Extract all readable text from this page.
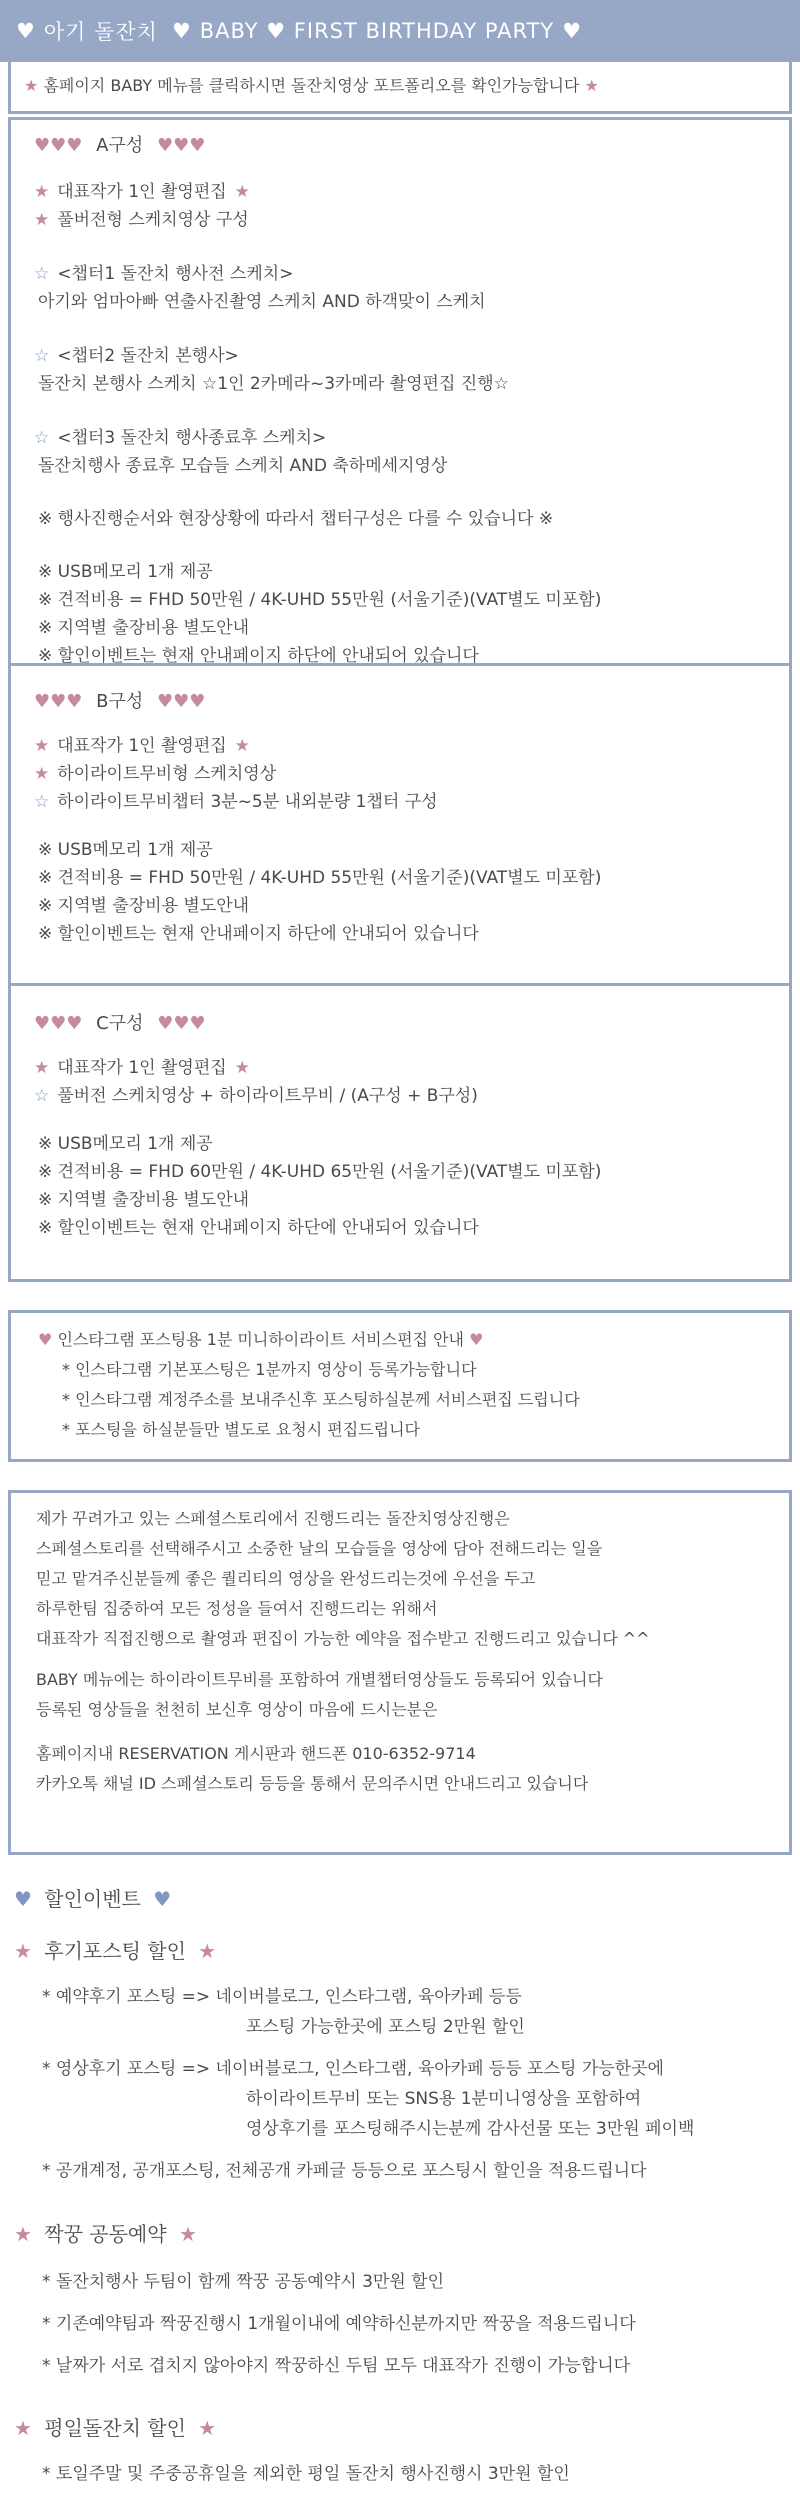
♥ 아기 돌잔치 ♥ BABY ♥ FIRST BIRTHDAY PARTY ♥
★ 홈페이지 BABY 메뉴를 클릭하시면 돌잔치영상 포트폴리오를 확인가능합니다 ★
♥♥♥ A구성 ♥♥♥
★ 대표작가 1인 촬영편집 ★
★ 풀버전형 스케치영상 구성
☆ <챕터1 돌잔치 행사전 스케치>
아기와 엄마아빠 연출사진촬영 스케치 AND 하객맞이 스케치
☆ <챕터2 돌잔치 본행사>
돌잔치 본행사 스케치 ☆1인 2카메라~3카메라 촬영편집 진행☆
☆ <챕터3 돌잔치 행사종료후 스케치>
돌잔치행사 종료후 모습들 스케치 AND 축하메세지영상
※ 행사진행순서와 현장상황에 따라서 챕터구성은 다를 수 있습니다 ※
※ USB메모리 1개 제공
※ 견적비용 = FHD 50만원 / 4K-UHD 55만원 (서울기준)(VAT별도 미포함)
※ 지역별 출장비용 별도안내
※ 할인이벤트는 현재 안내페이지 하단에 안내되어 있습니다
♥♥♥ B구성 ♥♥♥
★ 대표작가 1인 촬영편집 ★
★ 하이라이트무비형 스케치영상
☆ 하이라이트무비챕터 3분~5분 내외분량 1챕터 구성
※ USB메모리 1개 제공
※ 견적비용 = FHD 50만원 / 4K-UHD 55만원 (서울기준)(VAT별도 미포함)
※ 지역별 출장비용 별도안내
※ 할인이벤트는 현재 안내페이지 하단에 안내되어 있습니다
♥♥♥ C구성 ♥♥♥
★ 대표작가 1인 촬영편집 ★
☆ 풀버전 스케치영상 + 하이라이트무비 / (A구성 + B구성)
※ USB메모리 1개 제공
※ 견적비용 = FHD 60만원 / 4K-UHD 65만원 (서울기준)(VAT별도 미포함)
※ 지역별 출장비용 별도안내
※ 할인이벤트는 현재 안내페이지 하단에 안내되어 있습니다
♥ 인스타그램 포스팅용 1분 미니하이라이트 서비스편집 안내 ♥
* 인스타그램 기본포스팅은 1분까지 영상이 등록가능합니다
* 인스타그램 계정주소를 보내주신후 포스팅하실분께 서비스편집 드립니다
* 포스팅을 하실분들만 별도로 요청시 편집드립니다
제가 꾸려가고 있는 스페셜스토리에서 진행드리는 돌잔치영상진행은
스페셜스토리를 선택해주시고 소중한 날의 모습들을 영상에 담아 전해드리는 일을
믿고 맡겨주신분들께 좋은 퀄리티의 영상을 완성드리는것에 우선을 두고
하루한팀 집중하여 모든 정성을 들여서 진행드리는 위해서
대표작가 직접진행으로 촬영과 편집이 가능한 예약을 접수받고 진행드리고 있습니다 ^^
BABY 메뉴에는 하이라이트무비를 포함하여 개별챕터영상들도 등록되어 있습니다
등록된 영상들을 천천히 보신후 영상이 마음에 드시는분은
홈페이지내 RESERVATION 게시판과 핸드폰 010-6352-9714
카카오톡 채널 ID 스페셜스토리 등등을 통해서 문의주시면 안내드리고 있습니다
♥ 할인이벤트 ♥
★ 후기포스팅 할인 ★
* 예약후기 포스팅 => 네이버블로그, 인스타그램, 육아카페 등등
포스팅 가능한곳에 포스팅 2만원 할인
* 영상후기 포스팅 => 네이버블로그, 인스타그램, 육아카페 등등 포스팅 가능한곳에
하이라이트무비 또는 SNS용 1분미니영상을 포함하여
영상후기를 포스팅해주시는분께 감사선물 또는 3만원 페이백
* 공개계정, 공개포스팅, 전체공개 카페글 등등으로 포스팅시 할인을 적용드립니다
★ 짝꿍 공동예약 ★
* 돌잔치행사 두팀이 함께 짝꿍 공동예약시 3만원 할인
* 기존예약팀과 짝꿍진행시 1개월이내에 예약하신분까지만 짝꿍을 적용드립니다
* 날짜가 서로 겹치지 않아야지 짝꿍하신 두팀 모두 대표작가 진행이 가능합니다
★ 평일돌잔치 할인 ★
* 토일주말 및 주중공휴일을 제외한 평일 돌잔치 행사진행시 3만원 할인
